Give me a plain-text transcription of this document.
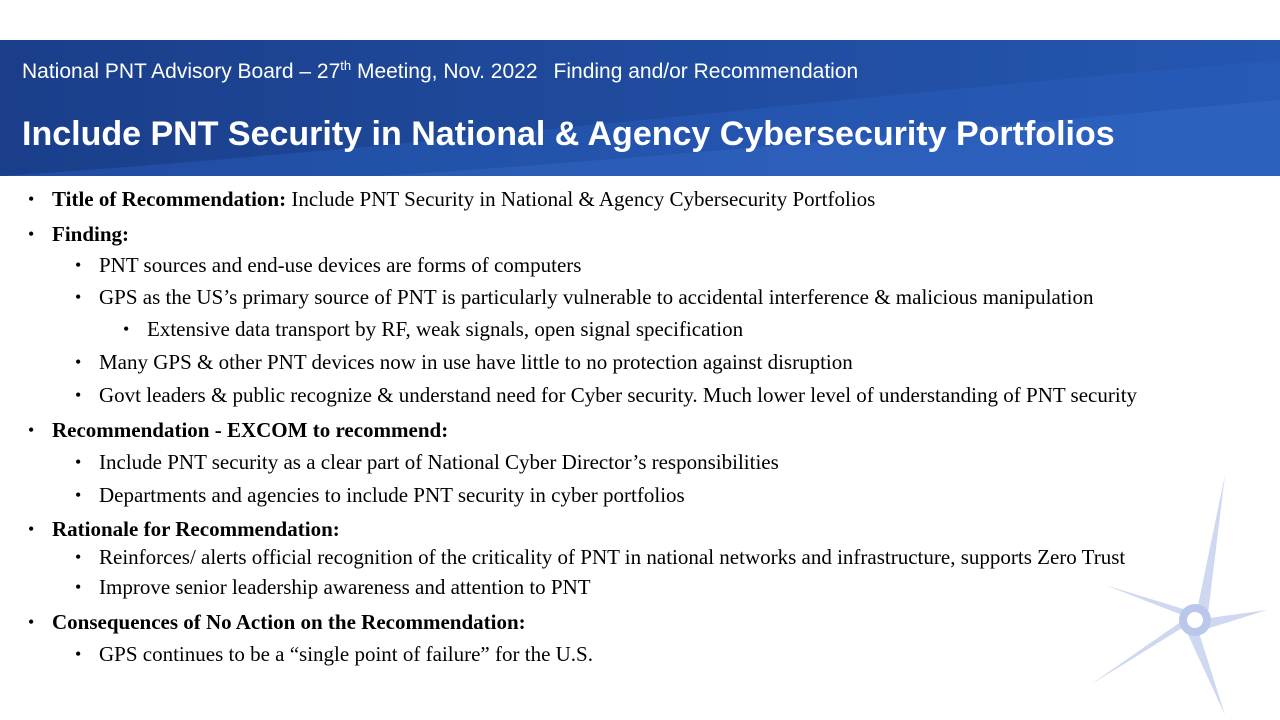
National PNT Advisory Board – 27th Meeting, Nov. 2022 Finding and/or Recommendation
Include PNT Security in National & Agency Cybersecurity Portfolios
• Title of Recommendation: Include PNT Security in National & Agency Cybersecurity Portfolios
• Finding:
• PNT sources and end-use devices are forms of computers
• GPS as the US’s primary source of PNT is particularly vulnerable to accidental interference & malicious manipulation
• Extensive data transport by RF, weak signals, open signal specification
• Many GPS & other PNT devices now in use have little to no protection against disruption
• Govt leaders & public recognize & understand need for Cyber security. Much lower level of understanding of PNT security
• Recommendation - EXCOM to recommend:
• Include PNT security as a clear part of National Cyber Director’s responsibilities
• Departments and agencies to include PNT security in cyber portfolios
• Rationale for Recommendation:
• Reinforces/ alerts official recognition of the criticality of PNT in national networks and infrastructure, supports Zero Trust
• Improve senior leadership awareness and attention to PNT
• Consequences of No Action on the Recommendation:
• GPS continues to be a “single point of failure” for the U.S.
